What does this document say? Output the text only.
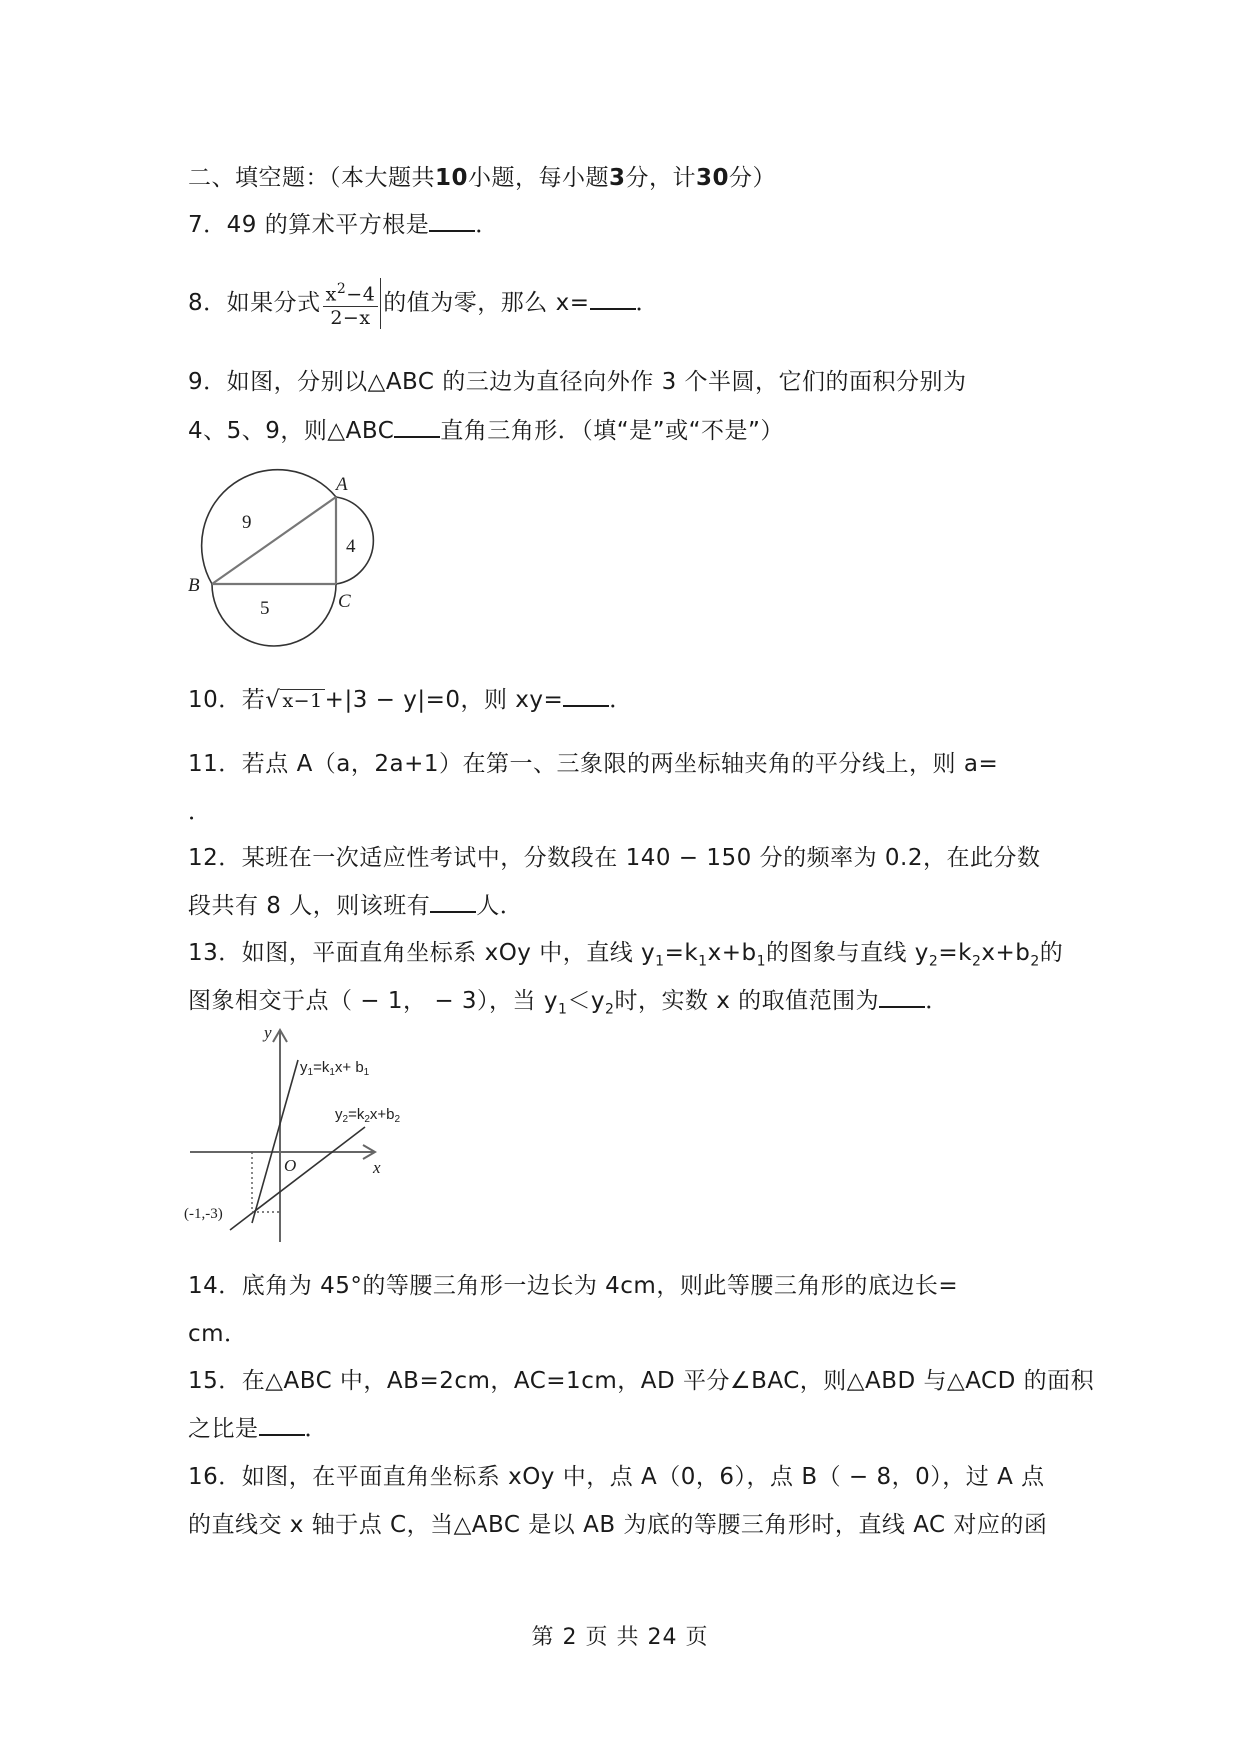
二、填空题：（本大题共10小题，每小题3分，计30分）
7．49 的算术平方根是 ．
8．如果分式 $\frac{x^2-4}{2-x}$ 的值为零，那么 x= ．
9．如图，分别以△ABC 的三边为直径向外作 3 个半圆，它们的面积分别为
4、5、9，则△ABC 直角三角形．（填“是”或“不是”）
A
B
C
9
4
5
10．若√ x−1+|3 − y|=0，则 xy= ．
11．若点 A（a，2a+1）在第一、三象限的两坐标轴夹角的平分线上，则 a=
．
12．某班在一次适应性考试中，分数段在 140 − 150 分的频率为 0.2，在此分数
段共有 8 人，则该班有 人．
13．如图，平面直角坐标系 xOy 中，直线 $y_1=k_1x+b_1$的图象与直线 $y_2=k_2x+b_2$的
图象相交于点（ − 1， − 3），当 $y_1<y_2$时，实数 x 的取值范围为 ．
y
x
O
(-1,-3)
$y_1=k_1x+ b_1$
$y_2=k_2x+b_2$
14．底角为 45°的等腰三角形一边长为 4cm，则此等腰三角形的底边长=
cm．
15．在△ABC 中，AB=2cm，AC=1cm，AD 平分∠BAC，则△ABD 与△ACD 的面积
之比是 ．
16．如图，在平面直角坐标系 xOy 中，点 A（0，6），点 B（ − 8，0），过 A 点
的直线交 x 轴于点 C，当△ABC 是以 AB 为底的等腰三角形时，直线 AC 对应的函
第 2 页 共 24 页
